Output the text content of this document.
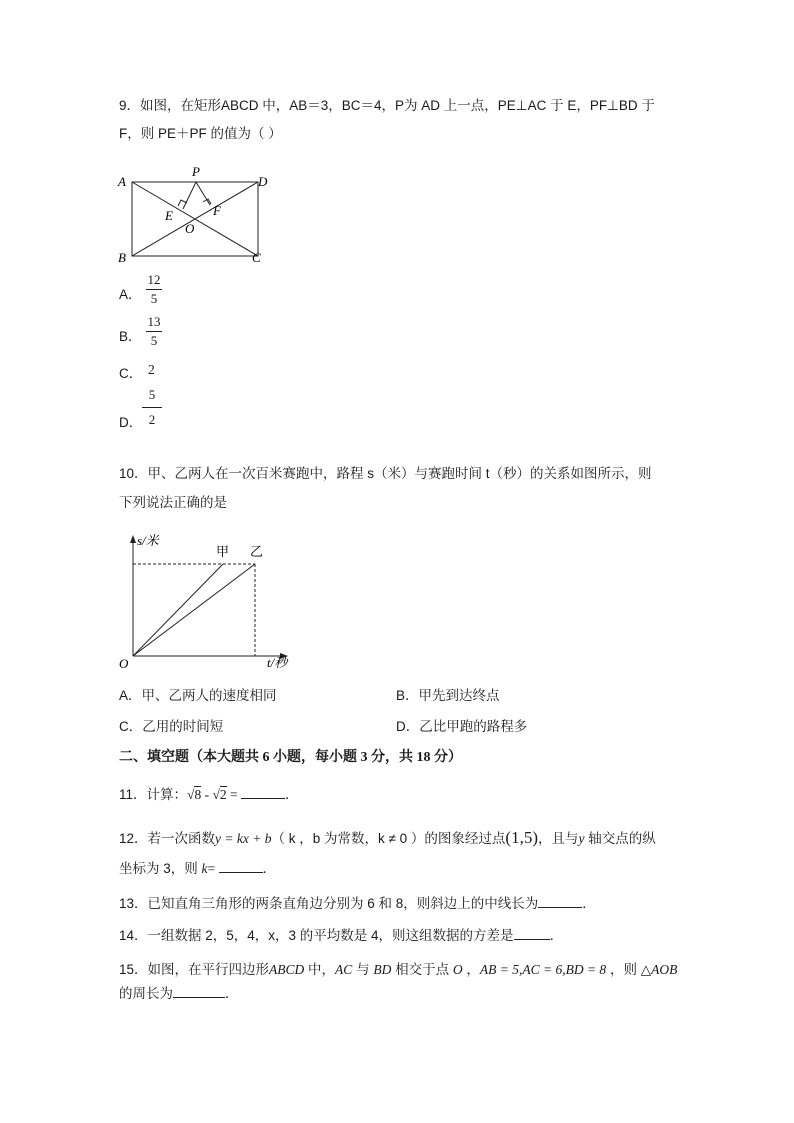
9．如图，在矩形ABCD 中，AB＝3，BC＝4，P为 AD 上一点，PE⊥AC 于 E，PF⊥BD 于
F，则 PE＋PF 的值为（ ）
A	D
B	C
P
E	F
O
A．
12
5
B．
13
5
C． 2
D．
5
2
10．甲、乙两人在一次百米赛跑中，路程 s（米）与赛跑时间 t（秒）的关系如图所示，则
下列说法正确的是
s/米
t/秒
O
甲 乙
A．甲、乙两人的速度相同	B．甲先到达终点
C．乙用的时间短	D．乙比甲跑的路程多
二、填空题（本大题共 6 小题，每小题 3 分，共 18 分）
11．计算：√8 - √2 =	．
12．若一次函数y = kx + b（ k ，b 为常数，k ≠ 0 ）的图象经过点(1,5)，且与y 轴交点的纵
坐标为 3，则 k=	．
13．已知直角三角形的两条直角边分别为 6 和 8，则斜边上的中线长为	．
14．一组数据 2，5，4，x，3 的平均数是 4，则这组数据的方差是	．
15．如图，在平行四边形ABCD 中，AC 与 BD 相交于点 O ，AB = 5,AC = 6,BD = 8 ，则 △AOB
的周长为	．
